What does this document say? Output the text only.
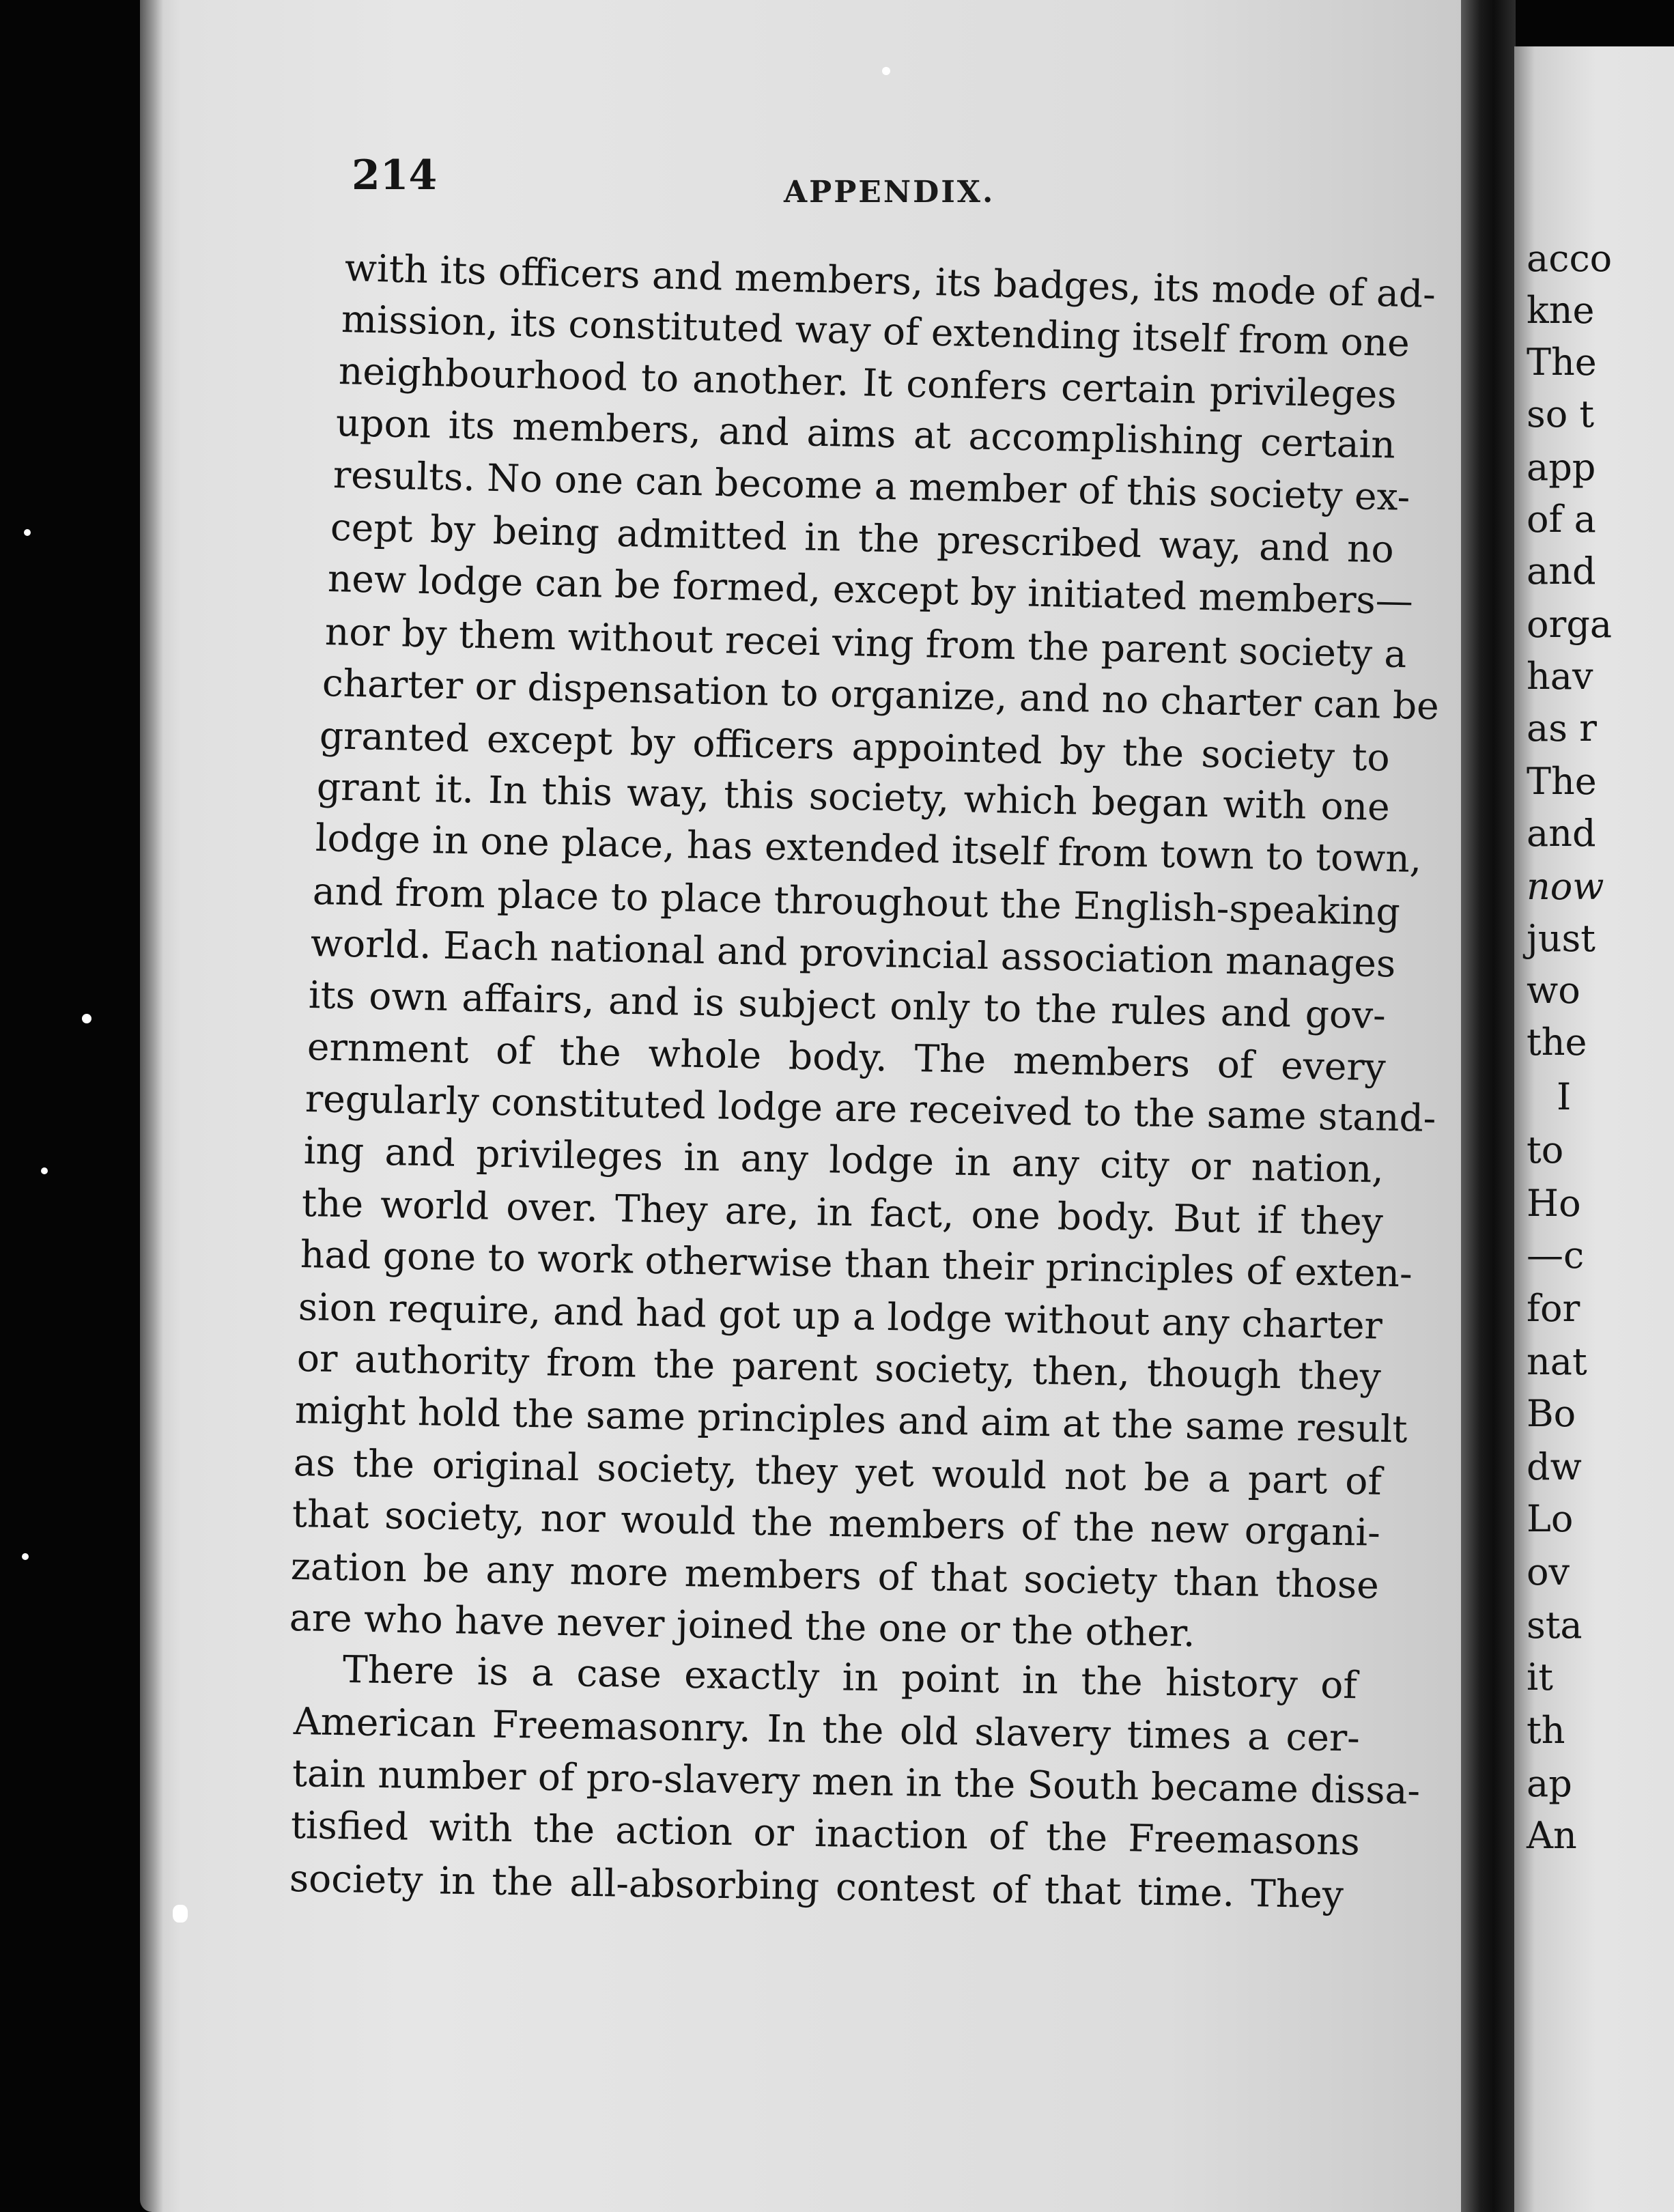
acco
kne
The
so t
app
of a
and
orga
hav
as r
The
and
now
just
wo
the
I
to
Ho
—c
for
nat
Bo
dw
Lo
ov
sta
it
th
ap
An
214	APPENDIX.
with its officers and members, its badges, its mode of ad-
mission, its constituted way of extending itself from one
neighbourhood to another. It confers certain privileges
upon its members, and aims at accomplishing certain
results. No one can become a member of this society ex-
cept by being admitted in the prescribed way, and no
new lodge can be formed, except by initiated members—
nor by them without recei ving from the parent society a
charter or dispensation to organize, and no charter can be
granted except by officers appointed by the society to
grant it. In this way, this society, which began with one
lodge in one place, has extended itself from town to town,
and from place to place throughout the English-speaking
world. Each national and provincial association manages
its own affairs, and is subject only to the rules and gov-
ernment of the whole body. The members of every
regularly constituted lodge are received to the same stand-
ing and privileges in any lodge in any city or nation,
the world over. They are, in fact, one body. But if they
had gone to work otherwise than their principles of exten-
sion require, and had got up a lodge without any charter
or authority from the parent society, then, though they
might hold the same principles and aim at the same result
as the original society, they yet would not be a part of
that society, nor would the members of the new organi-
zation be any more members of that society than those
are who have never joined the one or the other.
There is a case exactly in point in the history of
American Freemasonry. In the old slavery times a cer-
tain number of pro-slavery men in the South became dissa-
tisfied with the action or inaction of the Freemasons
society in the all-absorbing contest of that time. They
